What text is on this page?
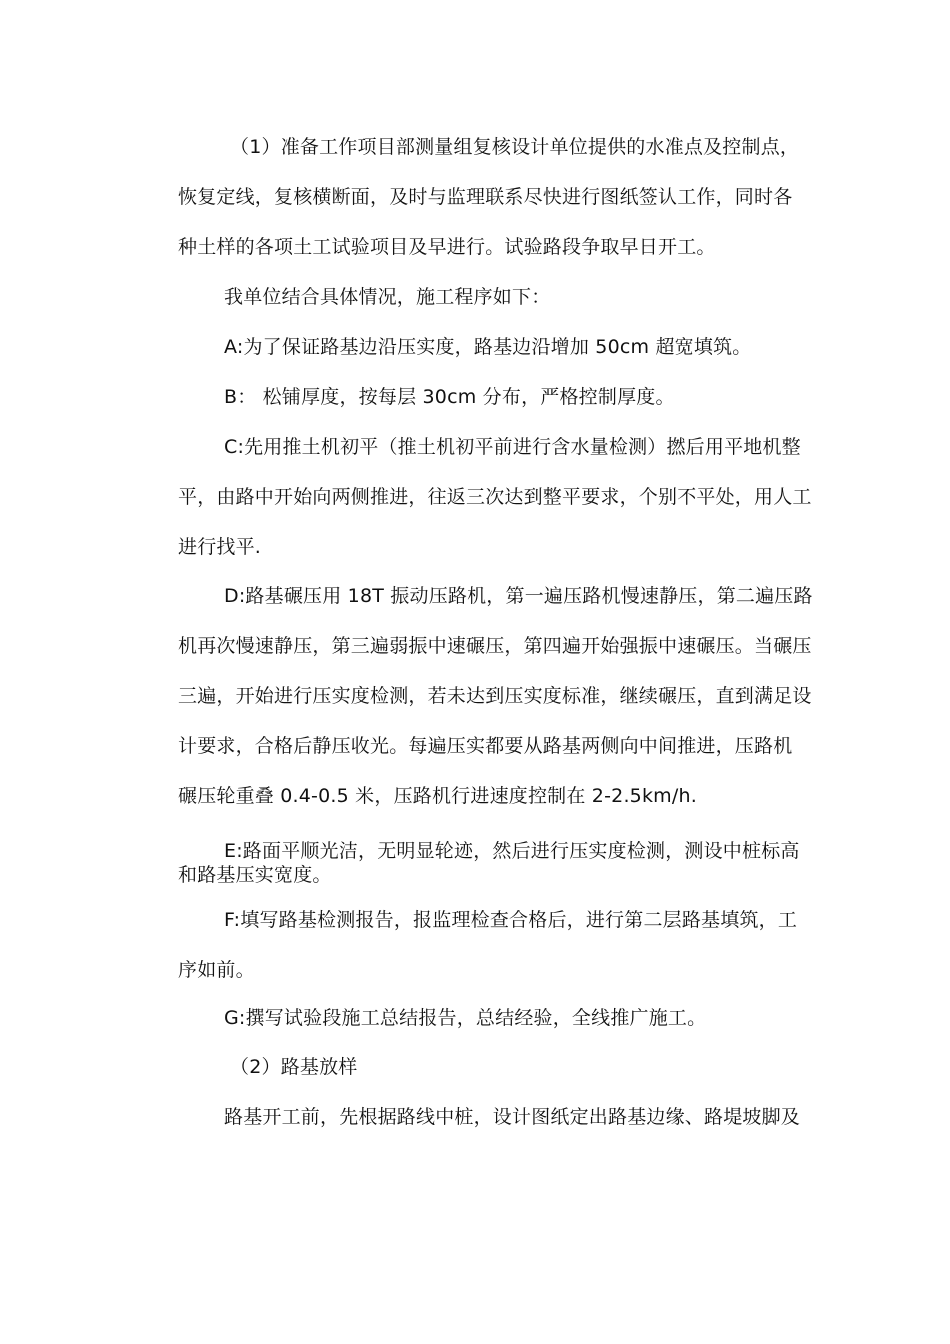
（1）准备工作项目部测量组复核设计单位提供的水准点及控制点，
恢复定线，复核横断面，及时与监理联系尽快进行图纸签认工作，同时各
种土样的各项土工试验项目及早进行。试验路段争取早日开工。
我单位结合具体情况，施工程序如下：
A:为了保证路基边沿压实度，路基边沿增加 50cm 超宽填筑。
B： 松铺厚度，按每层 30cm 分布，严格控制厚度。
C:先用推土机初平（推土机初平前进行含水量检测）撚后用平地机整
平，由路中开始向两侧推进，往返三次达到整平要求，个别不平处，用人工
进行找平.
D:路基碾压用 18T 振动压路机，第一遍压路机慢速静压，第二遍压路
机再次慢速静压，第三遍弱振中速碾压，第四遍开始强振中速碾压。当碾压
三遍，开始进行压实度检测，若未达到压实度标准，继续碾压，直到满足设
计要求，合格后静压收光。每遍压实都要从路基两侧向中间推进，压路机
碾压轮重叠 0.4-0.5 米，压路机行进速度控制在 2-2.5km/h.
E:路面平顺光洁，无明显轮迹，然后进行压实度检测，测设中桩标高
和路基压实宽度。
F:填写路基检测报告，报监理检查合格后，进行第二层路基填筑，工
序如前。
G:撰写试验段施工总结报告，总结经验，全线推广施工。
（2）路基放样
路基开工前，先根据路线中桩，设计图纸定出路基边缘、路堤坡脚及
